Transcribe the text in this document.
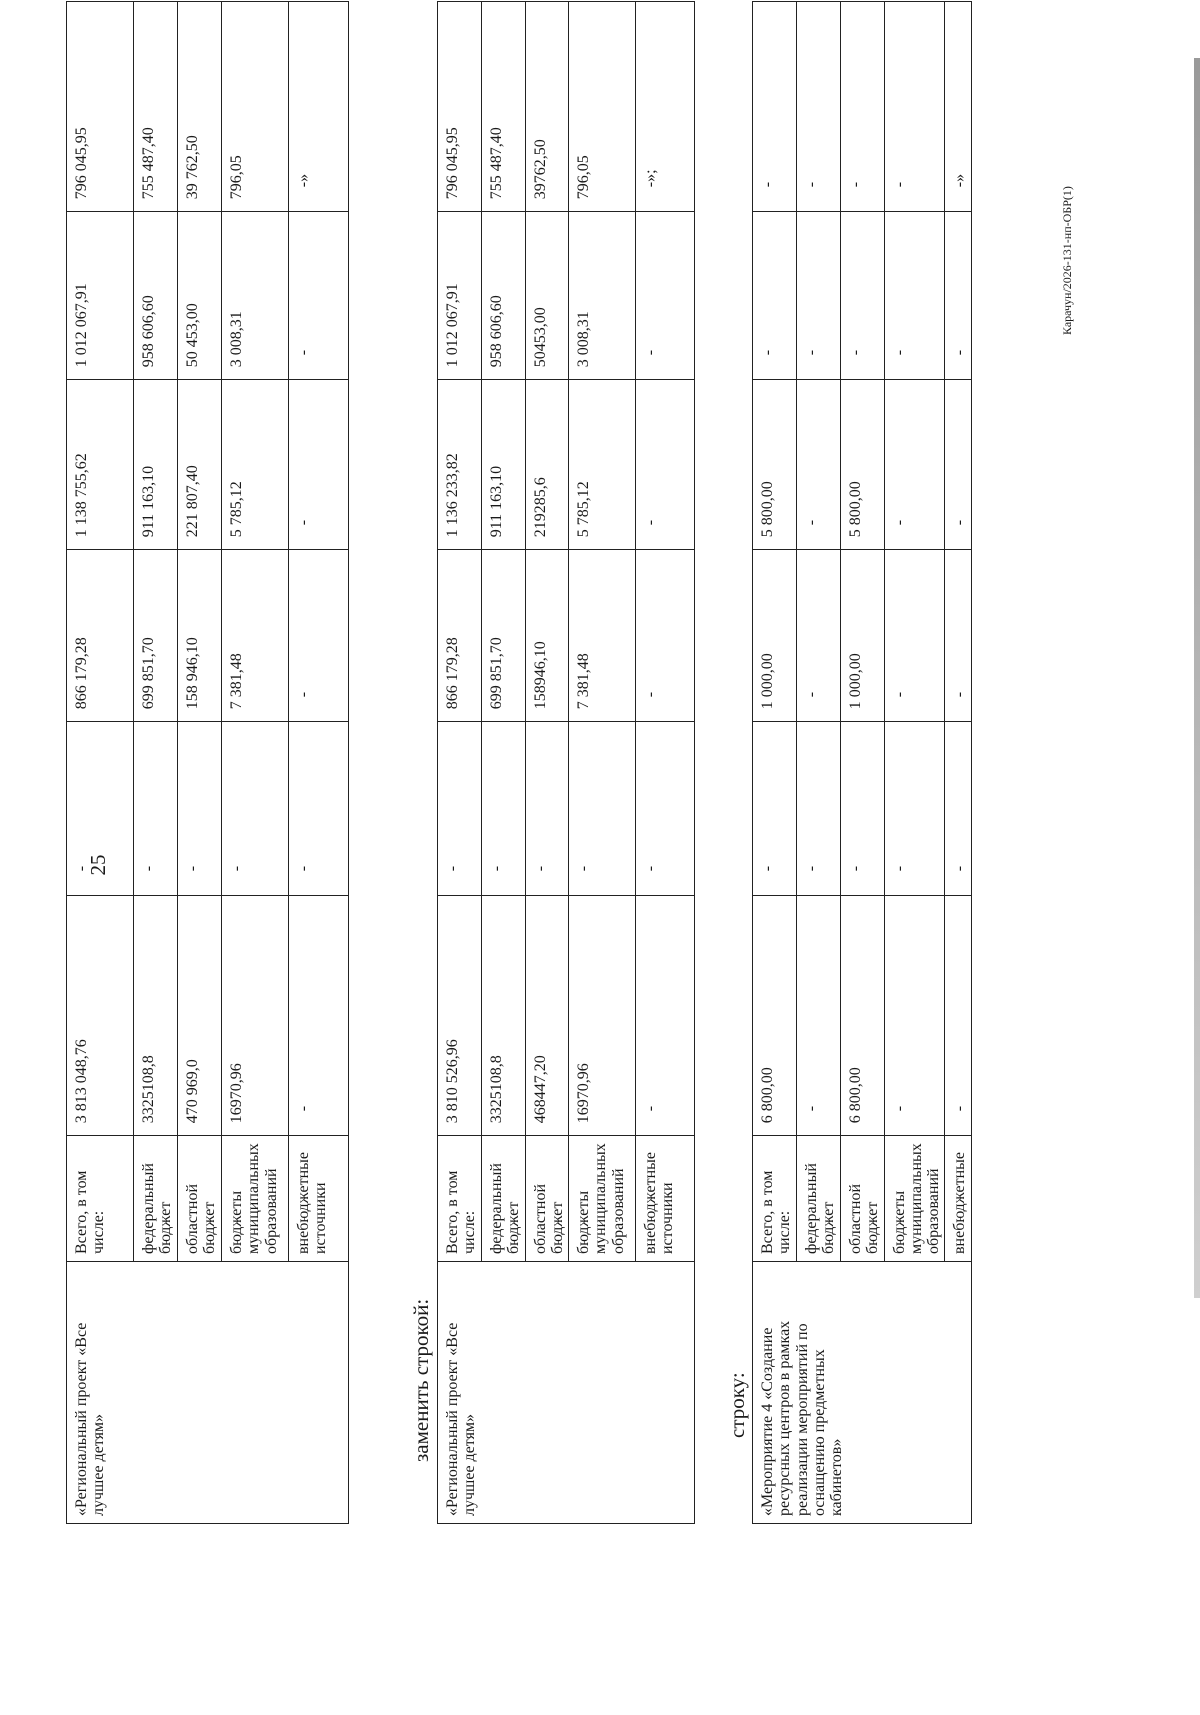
25
«Региональный проект «Все лучшее детям»	Всего, в том числе:	3 813 048,76	-	866 179,28	1 138 755,62	1 012 067,91	796 045,95
	федеральный бюджет	3325108,8	-	699 851,70	911 163,10	958 606,60	755 487,40
	областной бюджет	470 969,0	-	158 946,10	221 807,40	50 453,00	39 762,50
	бюджеты муниципальных образований	16970,96	-	7 381,48	5 785,12	3 008,31	796,05
	внебюджетные источники	-	-	-	-	-	-»
заменить строкой: «Региональный проект «Все лучшее детям»	Всего, в том числе:	3 810 526,96	-	866 179,28	1 136 233,82	1 012 067,91	796 045,95
	федеральный бюджет	3325108,8	-	699 851,70	911 163,10	958 606,60	755 487,40
	областной бюджет	468447,20	-	158946,10	219285,6	50453,00	39762,50
	бюджеты муниципальных образований	16970,96	-	7 381,48	5 785,12	3 008,31	796,05
	внебюджетные источники	-	-	-	-	-	-»;
строку: «Мероприятие 4 «Создание ресурсных центров в рамках реализации мероприятий по оснащению предметных кабинетов»	Всего, в том числе:	6 800,00	-	1 000,00	5 800,00	-	-
	федеральный бюджет	-	-	-	-	-	-
	областной бюджет	6 800,00	-	1 000,00	5 800,00	-	-
	бюджеты муниципальных образований	-	-	-	-	-	-
	внебюджетные	-	-	-	-	-	-»
Карачун/2026-131-нп-ОБР(1)
